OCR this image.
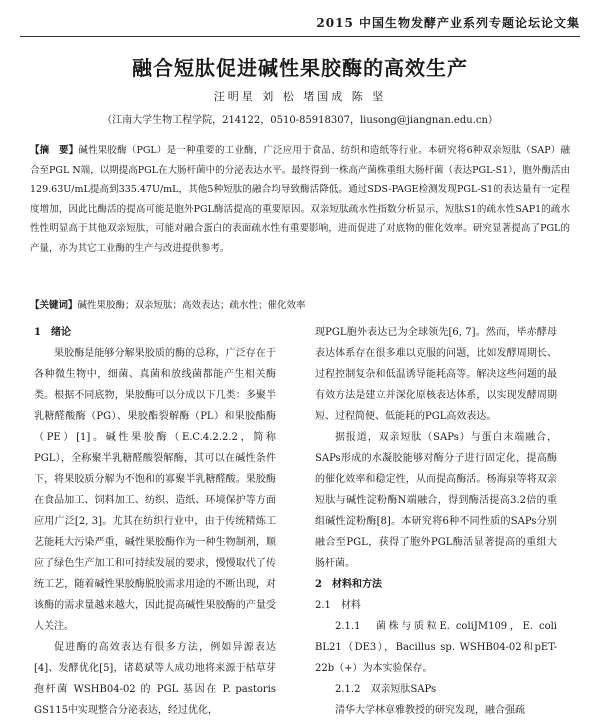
2015 中国生物发酵产业系列专题论坛论文集
融合短肽促进碱性果胶酶的高效生产
汪明星 刘 松 堵国成 陈 坚
（江南大学生物工程学院，214122，0510-85918307，liusong@jiangnan.edu.cn）
【摘　要】碱性果胶酶（PGL）是一种重要的工业酶，广泛应用于食品、纺织和造纸等行业。本研究将6种双亲短肽（SAP）融合至PGL N端，以期提高PGL在大肠杆菌中的分泌表达水平。最终得到一株高产菌株重组大肠杆菌（表达PGL-S1），胞外酶活由129.63U/mL提高到335.47U/mL，其他5种短肽的融合均导致酶活降低。通过SDS-PAGE检测发现PGL-S1的表达量有一定程度增加，因此比酶活的提高可能是胞外PGL酶活提高的重要原因。双亲短肽疏水性指数分析显示，短肽S1的疏水性SAP1的疏水性性明显高于其他双亲短肽，可能对融合蛋白的表面疏水性有重要影响，进而促进了对底物的催化效率。研究显著提高了PGL的产量，亦为其它工业酶的生产与改进提供参考。
【关键词】碱性果胶酶；双亲短肽；高效表达；疏水性；催化效率

1　绪论

果胶酶是能够分解果胶质的酶的总称，广泛存在于各种微生物中，细菌、真菌和放线菌都能产生相关酶类。根据不同底物，果胶酶可以分成以下几类：多聚半乳糖醛酸酶（PG）、果胶酯裂解酶（PL）和果胶酯酶（PE）[1]。碱性果胶酶（E.C.4.2.2.2，简称 PGL），全称聚半乳糖醛酸裂解酶，其可以在碱性条件下，将果胶质分解为不饱和的寡聚半乳糖醛酸。果胶酶在食品加工、饲料加工、纺织、造纸、环境保护等方面应用广泛[2, 3]。尤其在纺织行业中，由于传统精炼工艺能耗大污染严重，碱性果胶酶作为一种生物制剂，顺应了绿色生产加工和可持续发展的要求，慢慢取代了传统工艺，随着碱性果胶酶脱胶需求用途的不断出现，对该酶的需求量越来越大，因此提高碱性果胶酶的产量受人关注。

促进酶的高效表达有很多方法，例如异源表达[4]、发酵优化[5]，诸葛斌等人成功地将来源于枯草芽孢杆菌 WSHB04-02 的 PGL 基因在 P. pastoris GS115中实现整合分泌表达，经过优化，

现PGL胞外表达已为全球领先[6, 7]。然而，毕赤酵母表达体系存在很多难以克服的问题，比如发酵周期长、过程控制复杂和低温诱导能耗高等。解决这些问题的最有效方法是建立并深化原核表达体系，以实现发酵周期短、过程简便、低能耗的PGL高效表达。

据报道，双亲短肽（SAPs）与蛋白末端融合，SAPs形成的水凝胶能够对酶分子进行固定化，提高酶的催化效率和稳定性，从而提高酶活。杨海泉等将双亲短肽与碱性淀粉酶N端融合，得到酶活提高3.2倍的重组碱性淀粉酶[8]。本研究将6种不同性质的SAPs分别融合至PGL，获得了胞外PGL酶活显著提高的重组大肠杆菌。

2　材料和方法

2.1　材料

2.1.1　菌株与质粒E. coliJM109，E. coli BL21（DE3），Bacillus sp. WSHB04-02和pET-22b（+）为本实验保存。

2.1.2　双亲短肽SAPs

清华大学林章雅教授的研究发现，融合强疏
